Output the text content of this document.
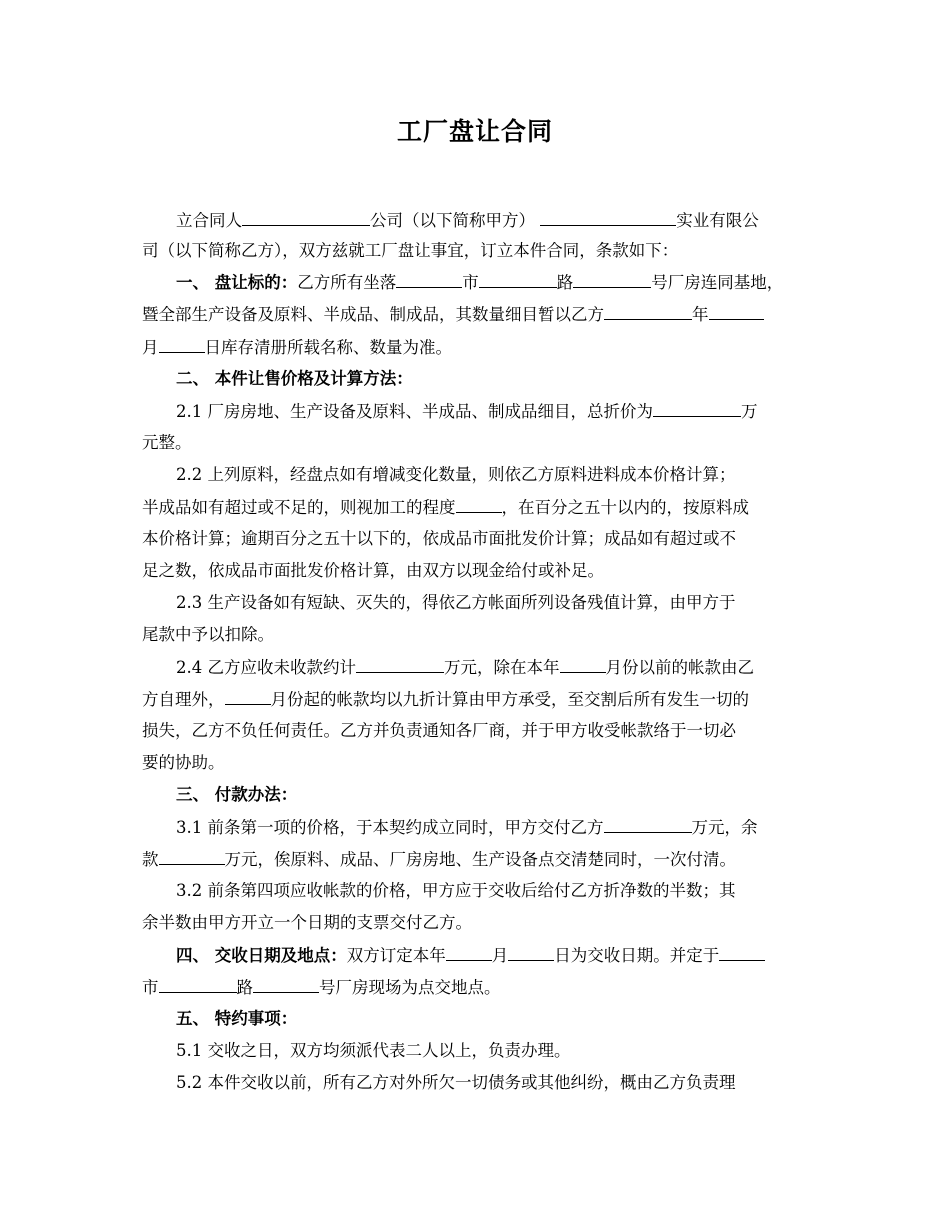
工厂盘让合同
立合同人	公司（以下简称甲方）	实业有限公
司（以下简称乙方），双方兹就工厂盘让事宜，订立本件合同，条款如下：
一、 盘让标的：乙方所有坐落	市	路	号厂房连同基地，
暨全部生产设备及原料、半成品、制成品，其数量细目暂以乙方	年
月	日库存清册所载名称、数量为准。
二、 本件让售价格及计算方法：
2.1 厂房房地、生产设备及原料、半成品、制成品细目，总折价为	万
元整。
2.2 上列原料，经盘点如有增减变化数量，则依乙方原料进料成本价格计算；
半成品如有超过或不足的，则视加工的程度	，在百分之五十以内的，按原料成
本价格计算；逾期百分之五十以下的，依成品市面批发价计算；成品如有超过或不
足之数，依成品市面批发价格计算，由双方以现金给付或补足。
2.3 生产设备如有短缺、灭失的，得依乙方帐面所列设备残值计算，由甲方于
尾款中予以扣除。
2.4 乙方应收未收款约计	万元，除在本年	月份以前的帐款由乙
方自理外，	月份起的帐款均以九折计算由甲方承受，至交割后所有发生一切的
损失，乙方不负任何责任。乙方并负责通知各厂商，并于甲方收受帐款络于一切必
要的协助。
三、 付款办法：
3.1 前条第一项的价格，于本契约成立同时，甲方交付乙方	万元，余
款	万元，俟原料、成品、厂房房地、生产设备点交清楚同时，一次付清。
3.2 前条第四项应收帐款的价格，甲方应于交收后给付乙方折净数的半数；其
余半数由甲方开立一个日期的支票交付乙方。
四、 交收日期及地点：双方订定本年	月	日为交收日期。并定于
市	路	号厂房现场为点交地点。
五、 特约事项：
5.1 交收之日，双方均须派代表二人以上，负责办理。
5.2 本件交收以前，所有乙方对外所欠一切债务或其他纠纷，概由乙方负责理
